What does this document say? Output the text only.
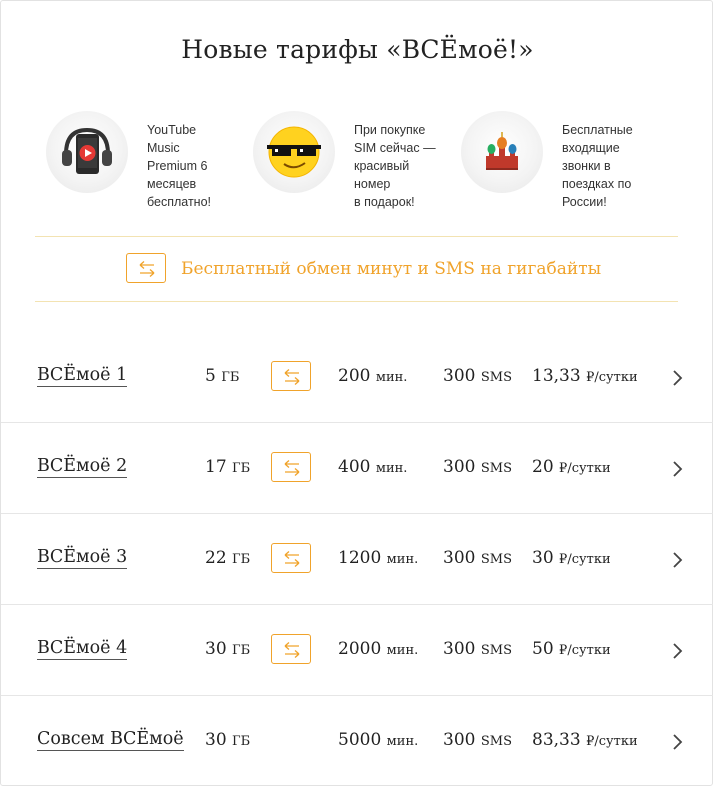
Новые тарифы «ВСЁмоё!»
YouTube
Music
Premium 6
месяцев
бесплатно!
При покупке
SIM сейчас —
красивый
номер
в подарок!
Бесплатные
входящие
звонки в
поездках по
России!
Бесплатный обмен минут и SMS на гигабайты
ВСЁмоё 1	5 ГБ	200 мин. 300 SMS 13,33 ₽/сутки
ВСЁмоё 2	17 ГБ	400 мин. 300 SMS 20 ₽/сутки
ВСЁмоё 3	22 ГБ	1200 мин. 300 SMS 30 ₽/сутки
ВСЁмоё 4	30 ГБ	2000 мин. 300 SMS 50 ₽/сутки
Совсем ВСЁмоё 30 ГБ	5000 мин. 300 SMS 83,33 ₽/сутки
